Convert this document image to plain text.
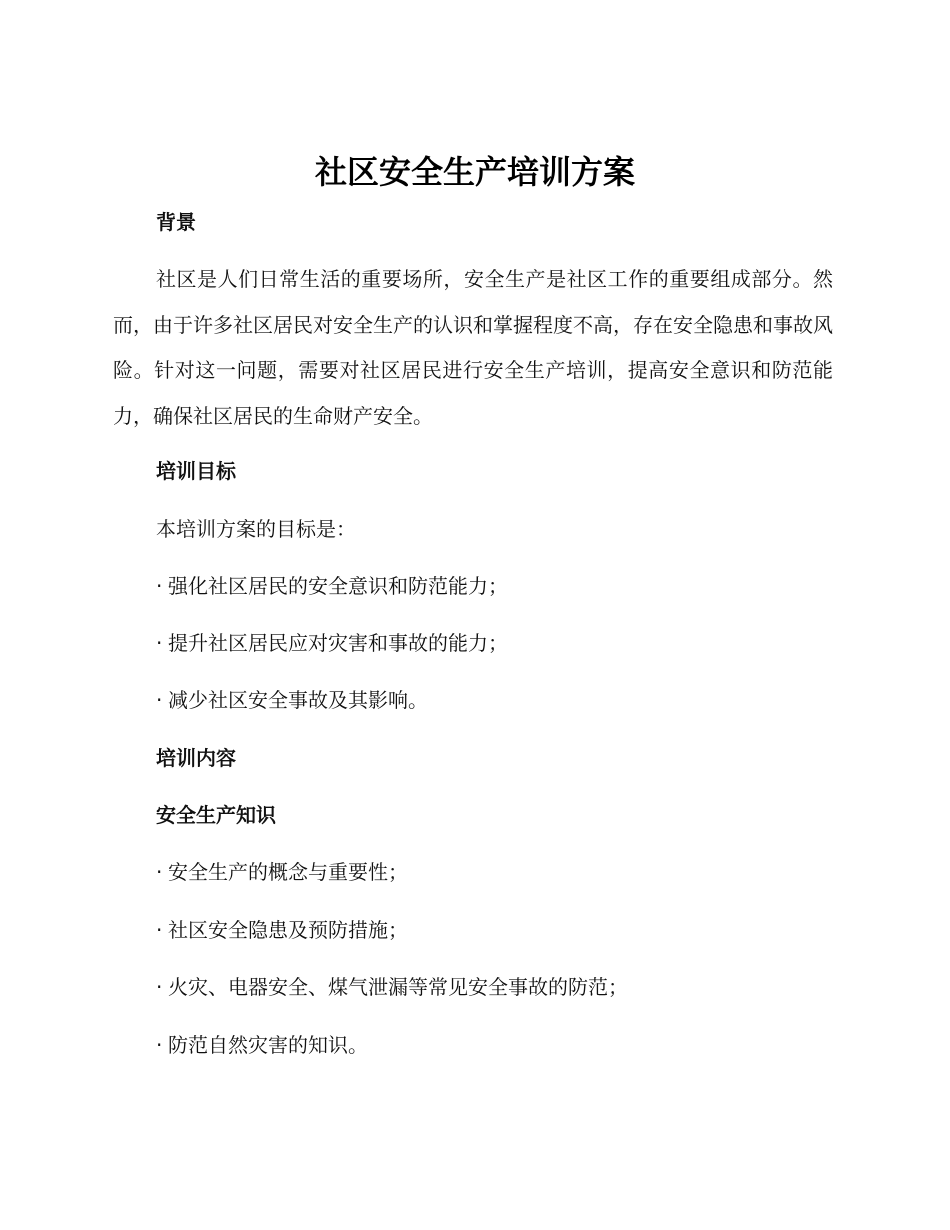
社区安全生产培训方案
背景
社区是人们日常生活的重要场所，安全生产是社区工作的重要组成部分。然而，由于许多社区居民对安全生产的认识和掌握程度不高，存在安全隐患和事故风险。针对这一问题，需要对社区居民进行安全生产培训，提高安全意识和防范能力，确保社区居民的生命财产安全。
培训目标
本培训方案的目标是：
· 强化社区居民的安全意识和防范能力；
· 提升社区居民应对灾害和事故的能力；
· 减少社区安全事故及其影响。
培训内容
安全生产知识
· 安全生产的概念与重要性；
· 社区安全隐患及预防措施；
· 火灾、电器安全、煤气泄漏等常见安全事故的防范；
· 防范自然灾害的知识。
